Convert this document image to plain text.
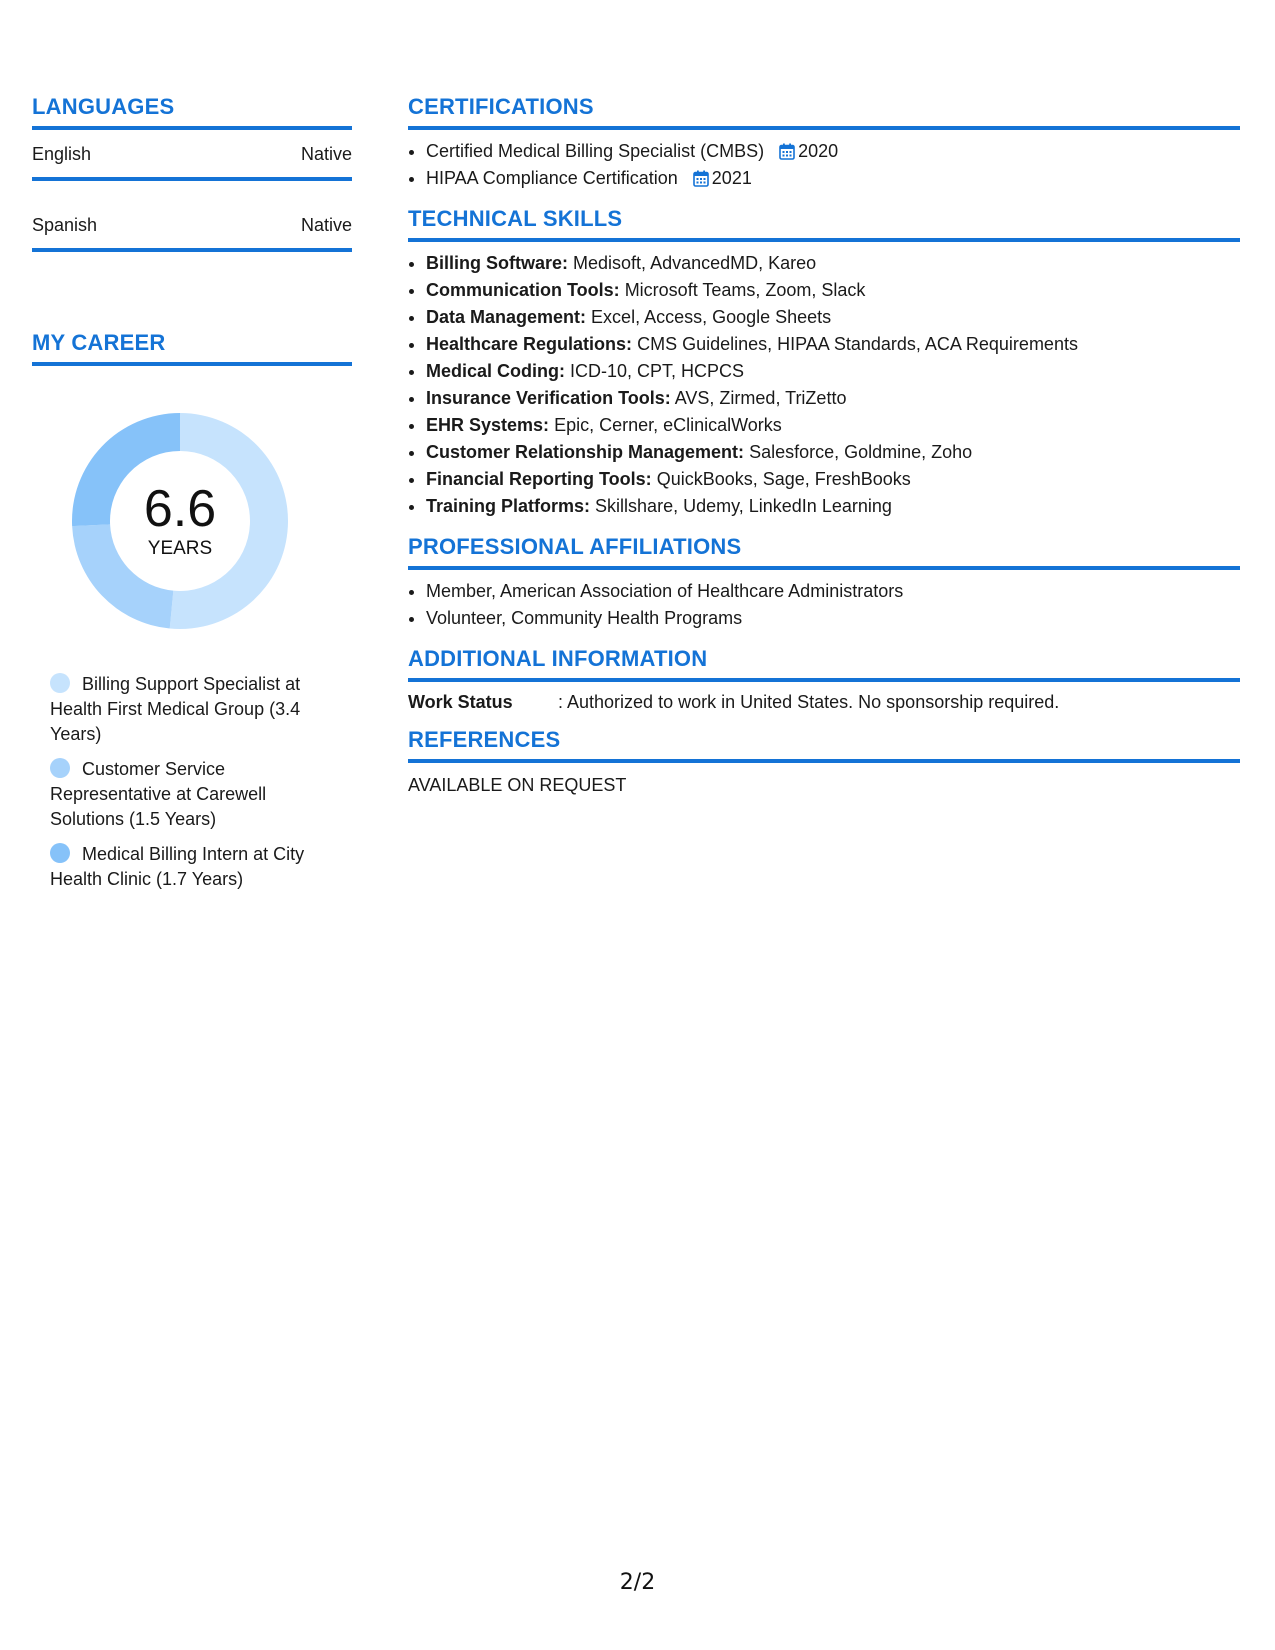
LANGUAGES
English	Native
Spanish	Native
MY CAREER
6.6
YEARS
Billing Support Specialist at Health First Medical Group (3.4 Years)
Customer Service Representative at Carewell Solutions (1.5 Years)
Medical Billing Intern at City Health Clinic (1.7 Years)
CERTIFICATIONS
• Certified Medical Billing Specialist (CMBS) 2020
• HIPAA Compliance Certification 2021
TECHNICAL SKILLS
• Billing Software: Medisoft, AdvancedMD, Kareo
• Communication Tools: Microsoft Teams, Zoom, Slack
• Data Management: Excel, Access, Google Sheets
• Healthcare Regulations: CMS Guidelines, HIPAA Standards, ACA Requirements
• Medical Coding: ICD-10, CPT, HCPCS
• Insurance Verification Tools: AVS, Zirmed, TriZetto
• EHR Systems: Epic, Cerner, eClinicalWorks
• Customer Relationship Management: Salesforce, Goldmine, Zoho
• Financial Reporting Tools: QuickBooks, Sage, FreshBooks
• Training Platforms: Skillshare, Udemy, LinkedIn Learning
PROFESSIONAL AFFILIATIONS
• Member, American Association of Healthcare Administrators
• Volunteer, Community Health Programs
ADDITIONAL INFORMATION
Work Status	: Authorized to work in United States. No sponsorship required.
REFERENCES
AVAILABLE ON REQUEST
2/2
